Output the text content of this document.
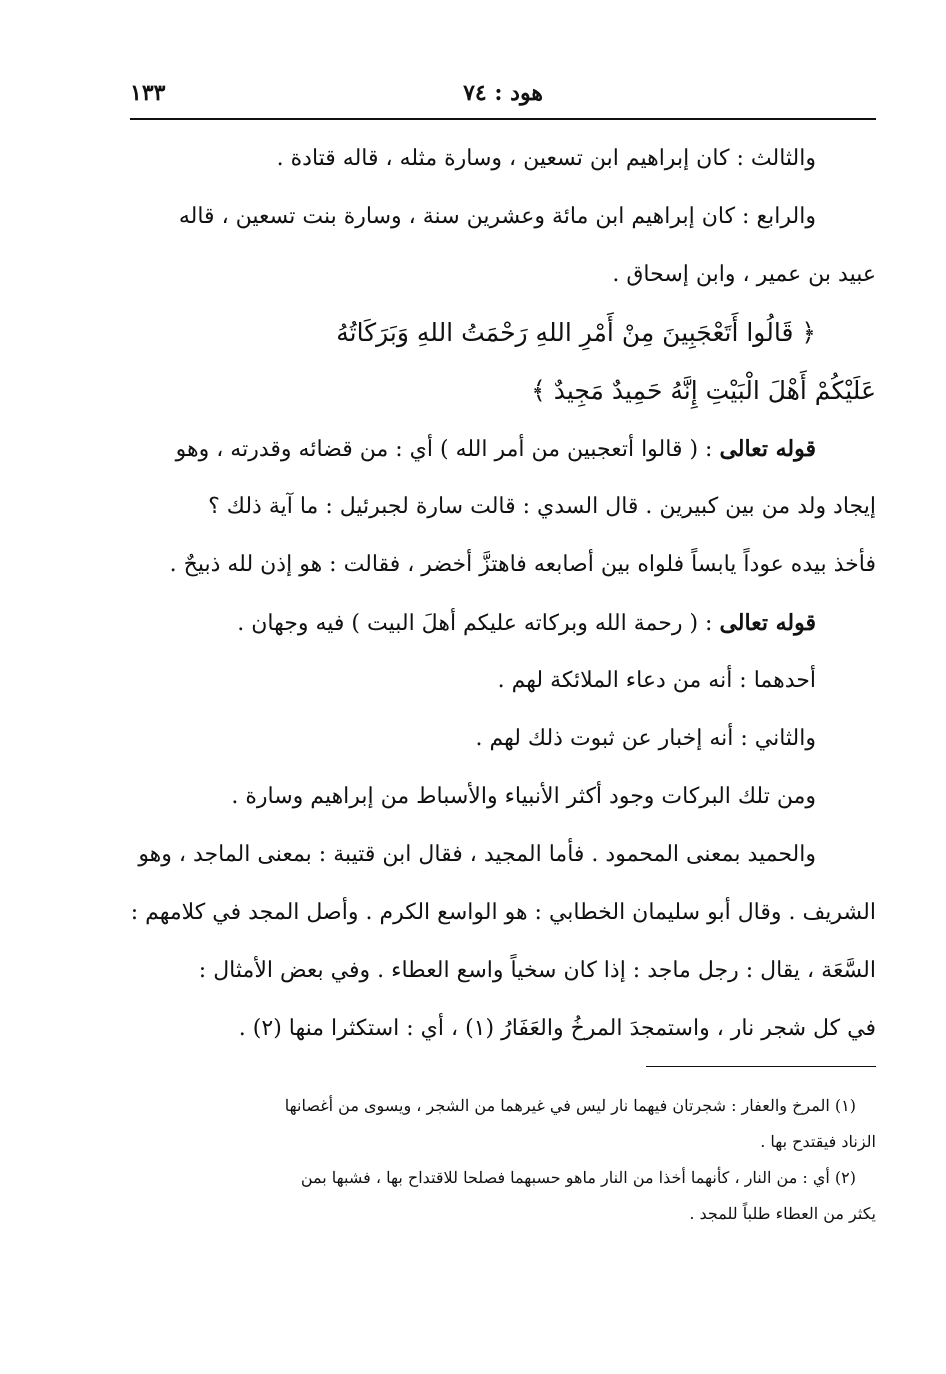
١٣٣	هود : ٧٤
والثالث : كان إبراهيم ابن تسعين ، وسارة مثله ، قاله قتادة .
والرابع : كان إبراهيم ابن مائة وعشرين سنة ، وسارة بنت تسعين ، قاله
عبيد بن عمير ، وابن إسحاق .
﴿ قَالُوا أَتَعْجَبِينَ مِنْ أَمْرِ اللهِ رَحْمَتُ اللهِ وَبَرَكَاتُهُ
عَلَيْكُمْ أَهْلَ الْبَيْتِ إِنَّهُ حَمِيدٌ مَجِيدٌ ﴾
قوله تعالى : ( قالوا أتعجبين من أمر الله ) أي : من قضائه وقدرته ، وهو
إيجاد ولد من بين كبيرين . قال السدي : قالت سارة لجبرئيل : ما آية ذلك ؟
فأخذ بيده عوداً يابساً فلواه بين أصابعه فاهتزَّ أخضر ، فقالت : هو إذن لله ذبيحٌ .
قوله تعالى : ( رحمة الله وبركاته عليكم أهلَ البيت ) فيه وجهان .
أحدهما : أنه من دعاء الملائكة لهم .
والثاني : أنه إخبار عن ثبوت ذلك لهم .
ومن تلك البركات وجود أكثر الأنبياء والأسباط من إبراهيم وسارة .
والحميد بمعنى المحمود . فأما المجيد ، فقال ابن قتيبة : بمعنى الماجد ، وهو
الشريف . وقال أبو سليمان الخطابي : هو الواسع الكرم . وأصل المجد في كلامهم :
السَّعَة ، يقال : رجل ماجد : إذا كان سخياً واسع العطاء . وفي بعض الأمثال :
في كل شجر نار ، واستمجدَ المرخُ والعَفَارُ (١) ، أي : استكثرا منها (٢) .
(١) المرخ والعفار : شجرتان فيهما نار ليس في غيرهما من الشجر ، ويسوى من أغصانها
الزناد فيقتدح بها .
(٢) أي : من النار ، كأنهما أخذا من النار ماهو حسبهما فصلحا للاقتداح بها ، فشبها بمن
يكثر من العطاء طلباً للمجد .
